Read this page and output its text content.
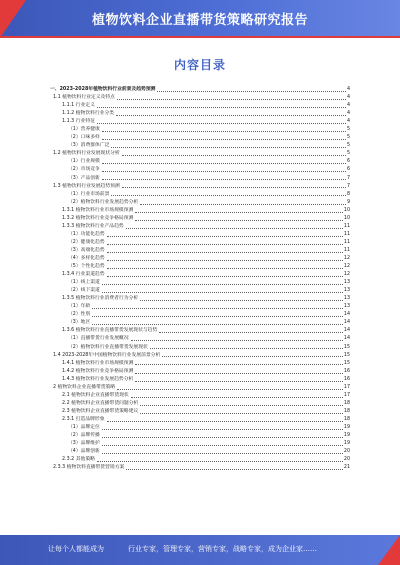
植物饮料企业直播带货策略研究报告
内容目录
一、2023-2028年植物饮料行业前景及趋势预测	4
1.1 植物饮料行业定义及特点	4
1.1.1 行业定义	4
1.1.2 植物饮料行业分类	4
1.1.3 行业特征	4
（1）营养健康	5
（2）口味多样	5
（3）消费群体广泛	5
1.2 植物饮料行业发展现状分析	5
（1）行业规模	6
（2）市场竞争	6
（3）产品创新	7
1.3 植物饮料行业发展趋势预测	7
（1）行业市场前景	8
（2）植物饮料行业发展趋势分析	9
1.3.1 植物饮料行业市场规模预测	10
1.3.2 植物饮料行业竞争格局预测	10
1.3.3 植物饮料行业产品趋势	11
（1）功能化趋势	11
（2）健康化趋势	11
（3）高端化趋势	11
（4）多样化趋势	12
（5）个性化趋势	12
1.3.4 行业渠道趋势	12
（1）线上渠道	13
（2）线下渠道	13
1.3.5 植物饮料行业消费者行为分析	13
（1）年龄	13
（2）性别	14
（3）地区	14
1.3.6 植物饮料行业直播带货发展现状与趋势	14
（1）直播带货行业发展概况	14
（2）植物饮料行业直播带货发展现状	15
1.4 2023-2028年中国植物饮料行业发展前景分析	15
1.4.1 植物饮料行业市场规模预测	15
1.4.2 植物饮料行业竞争格局预测	16
1.4.3 植物饮料行业发展趋势分析	16
2 植物饮料企业直播带货策略	17
2.1 植物饮料企业直播带货现状	17
2.2 植物饮料企业直播带货问题分析	18
2.3 植物饮料企业直播带货策略建议	18
2.3.1 打造品牌形象	18
（1）品牌定位	19
（2）品牌传播	19
（3）品牌维护	19
（4）品牌创新	20
2.3.2 其他策略	20
2.3.3 植物饮料直播带货营销方案	21
让每个人都能成为	行业专家，管理专家，营销专家，战略专家，成为企业家……
